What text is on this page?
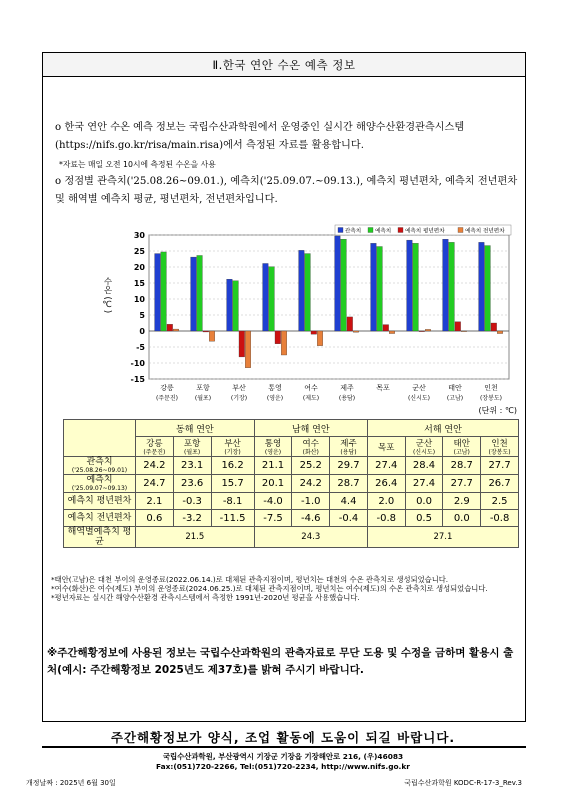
Ⅱ.한국 연안 수온 예측 정보
o 한국 연안 수온 예측 정보는 국립수산과학원에서 운영중인 실시간 해양수산환경관측시스템(https://nifs.go.kr/risa/main.risa)에서 측정된 자료를 활용합니다.
*자료는 매일 오전 10시에 측정된 수온을 사용
o 정점별 관측치('25.08.26~09.01.), 예측치('25.09.07.~09.13.), 예측치 평년편차, 예측치 전년편차 및 해역별 예측치 평균, 평년편차, 전년편차입니다.
30
25
20
15
10
5
0
-5
-10
-15
수온 (℃)
강릉
(주문진)
포항
(월포)
부산
(기장)
통영
(영운)
여수
(제도)
제주
(용담)
목포	군산
(신시도)
태안
(고남)
인천
(장봉도)
관측치 예측치 예측치 평년편차	예측치 전년편차
(단위 : ℃)
	동해 연안			남해 연안			서해 연안			
	강릉
(주문진)	포항
(월포)	부산
(기장)	통영
(영운)	여수
(화산)	제주
(용담)	목포	군산
(신시도)	태안
(고남)	인천
(장봉도)

관측치
('25.08.26~09.01)	24.2	23.1	16.2	21.1	25.2	29.7	27.4	28.4	28.7	27.7
예측치
('25.09.07~09.13)	24.7	23.6	15.7	20.1	24.2	28.7	26.4	27.4	27.7	26.7
예측치 평년편차	2.1	-0.3	-8.1	-4.0	-1.0	4.4	2.0	0.0	2.9	2.5
예측치 전년편차	0.6	-3.2	-11.5	-7.5	-4.6	-0.4	-0.8	0.5	0.0	-0.8
해역별예측치 평균	21.5			24.3			27.1			
*태안(고남)은 대천 부이의 운영종료(2022.06.14.)로 대체된 관측지점이며, 평년치는 대천의 수온 관측치로 생성되었습니다.
*여수(화산)은 여수(제도) 부이의 운영종료(2024.06.25.)로 대체된 관측지점이며, 평년치는 여수(제도)의 수온 관측치로 생성되었습니다.
*평년자료는 실시간 해양수산환경 관측시스템에서 측정한 1991년-2020년 평균을 사용했습니다.
※주간해황정보에 사용된 정보는 국립수산과학원의 관측자료로 무단 도용 및 수정을 금하며 활용시 출처(예시: 주간해황정보 2025년도 제37호)를 밝혀 주시기 바랍니다.
주간해황정보가 양식, 조업 활동에 도움이 되길 바랍니다.
국립수산과학원, 부산광역시 기장군 기장읍 기장해안로 216, (우)46083
Fax:(051)720-2266, Tel:(051)720-2234, http://www.nifs.go.kr
개정날짜 : 2025년 6월 30일	국립수산과학원 KODC-R-17-3_Rev.3
